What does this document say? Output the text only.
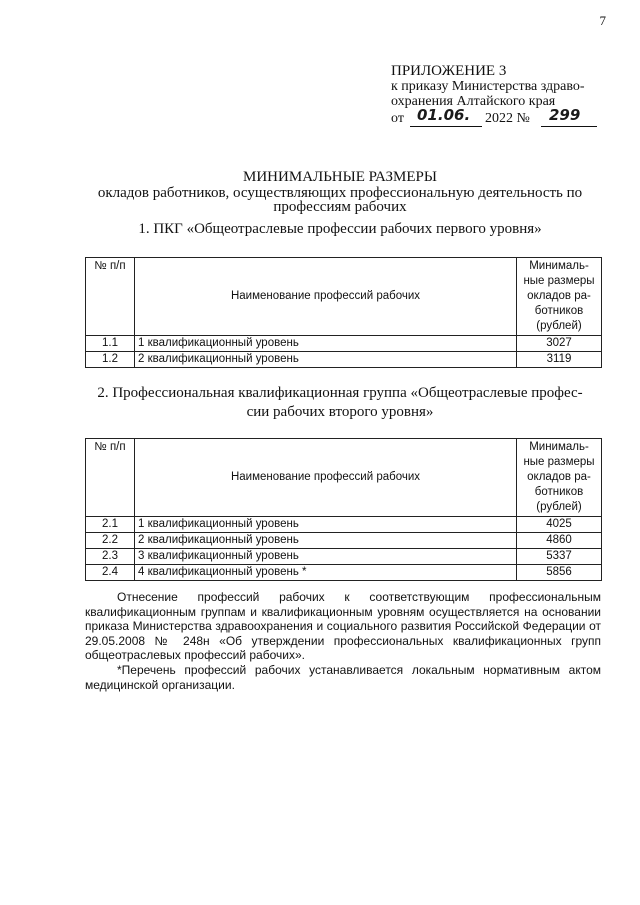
7
ПРИЛОЖЕНИЕ 3
к приказу Министерства здраво-
охранения Алтайского края
от 01.06. 2022 № 299
МИНИМАЛЬНЫЕ РАЗМЕРЫ
окладов работников, осуществляющих профессиональную деятельность по
профессиям рабочих
1. ПКГ «Общеотраслевые профессии рабочих первого уровня»
№ п/п	Наименование профессий рабочих	Минималь-
ные размеры
окладов ра-
ботников
(рублей)

1.1	1 квалификационный уровень	3027
1.2	2 квалификационный уровень	3119
2. Профессиональная квалификационная группа «Общеотраслевые профес-
сии рабочих второго уровня»
№ п/п	Наименование профессий рабочих	Минималь-
ные размеры
окладов ра-
ботников
(рублей)

2.1	1 квалификационный уровень	4025
2.2	2 квалификационный уровень	4860
2.3	3 квалификационный уровень	5337
2.4	4 квалификационный уровень *	5856

Отнесение профессий рабочих к соответствующим профессиональным квалификационным группам и квалификационным уровням осуществляется на основании приказа Министерства здравоохранения и социального развития Российской Федерации от 29.05.2008 № 248н «Об утверждении профессиональных квалификационных групп общеотраслевых профессий рабочих».

*Перечень профессий рабочих устанавливается локальным нормативным актом медицинской организации.
